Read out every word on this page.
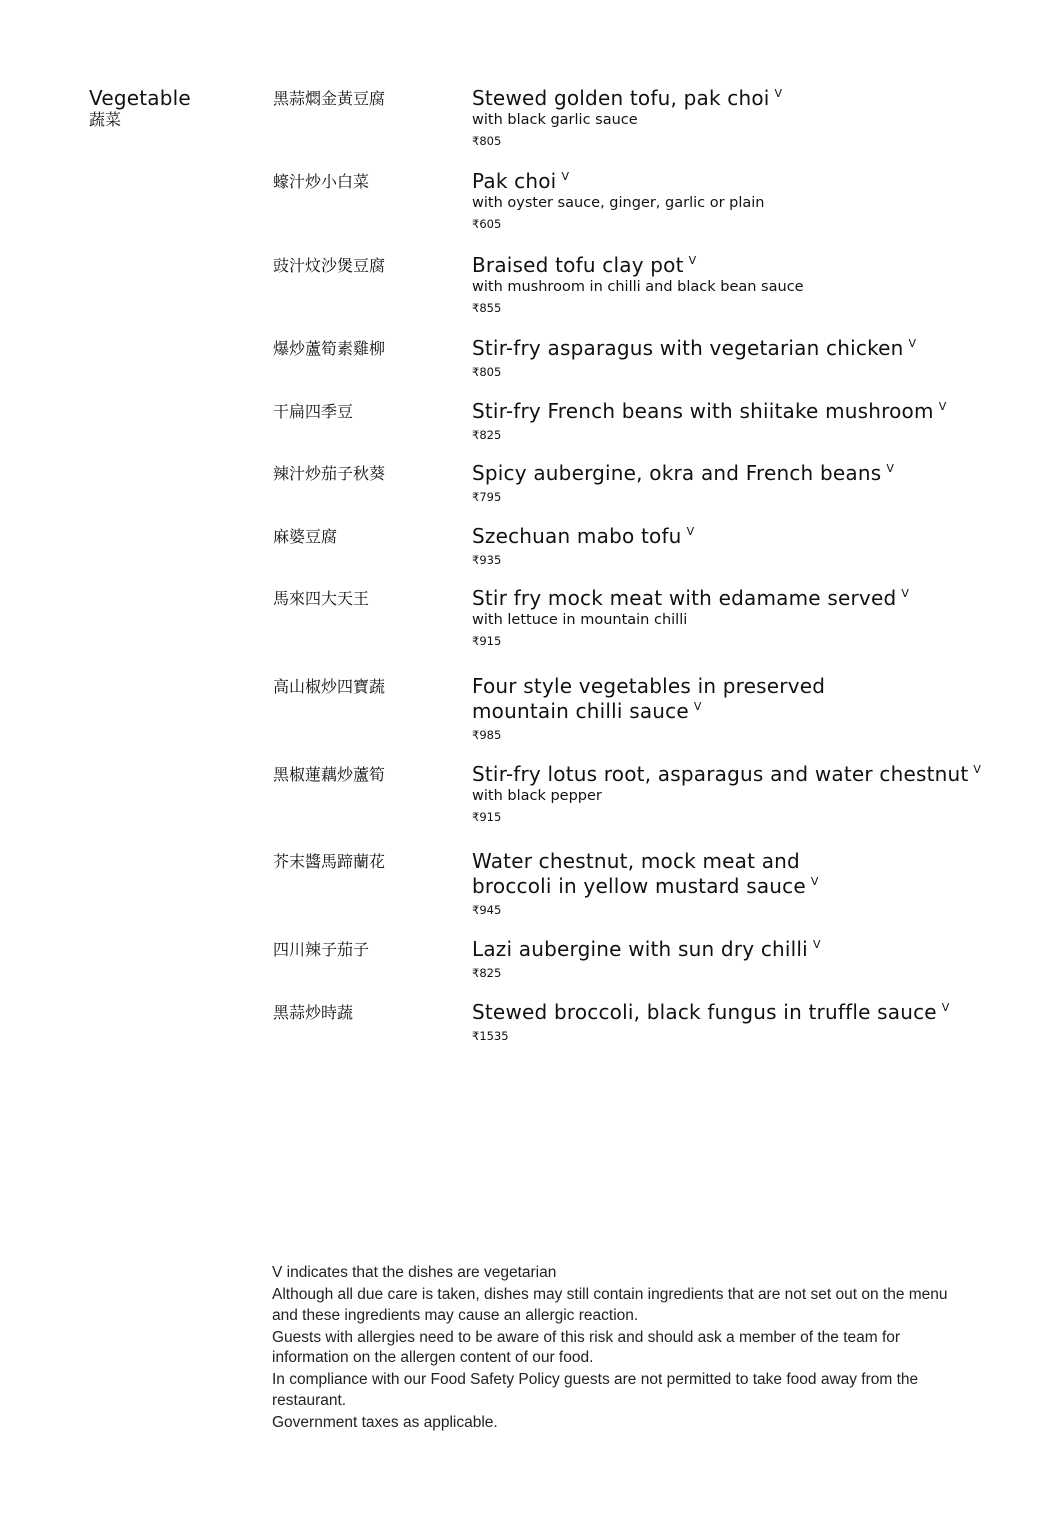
Vegetable
蔬菜
黑蒜燜金黃豆腐	Stewed golden tofu, pak choi $^V$
with black garlic sauce
₹805
蠔汁炒小白菜	Pak choi $^V$
with oyster sauce, ginger, garlic or plain
₹605
豉汁炆沙煲豆腐	Braised tofu clay pot $^V$
with mushroom in chilli and black bean sauce
₹855
爆炒蘆筍素雞柳	Stir-fry asparagus with vegetarian chicken $^V$
₹805
干扁四季豆	Stir-fry French beans with shiitake mushroom $^V$
₹825
辣汁炒茄子秋葵	Spicy aubergine, okra and French beans $^V$
₹795
麻婆豆腐	Szechuan mabo tofu $^V$
₹935
馬來四大天王	Stir fry mock meat with edamame served $^V$
with lettuce in mountain chilli
₹915
高山椒炒四寶蔬	Four style vegetables in preserved
mountain chilli sauce $^V$
₹985
黑椒蓮藕炒蘆筍	Stir-fry lotus root, asparagus and water chestnut $^V$
with black pepper
₹915
芥末醬馬蹄蘭花	Water chestnut, mock meat and
broccoli in yellow mustard sauce $^V$
₹945
四川辣子茄子	Lazi aubergine with sun dry chilli $^V$
₹825
黑蒜炒時蔬	Stewed broccoli, black fungus in truffle sauce $^V$
₹1535

V indicates that the dishes are vegetarian

Although all due care is taken, dishes may still contain ingredients that are not set out on the menu and these ingredients may cause an allergic reaction.

Guests with allergies need to be aware of this risk and should ask a member of the team for information on the allergen content of our food.

In compliance with our Food Safety Policy guests are not permitted to take food away from the restaurant.

Government taxes as applicable.
